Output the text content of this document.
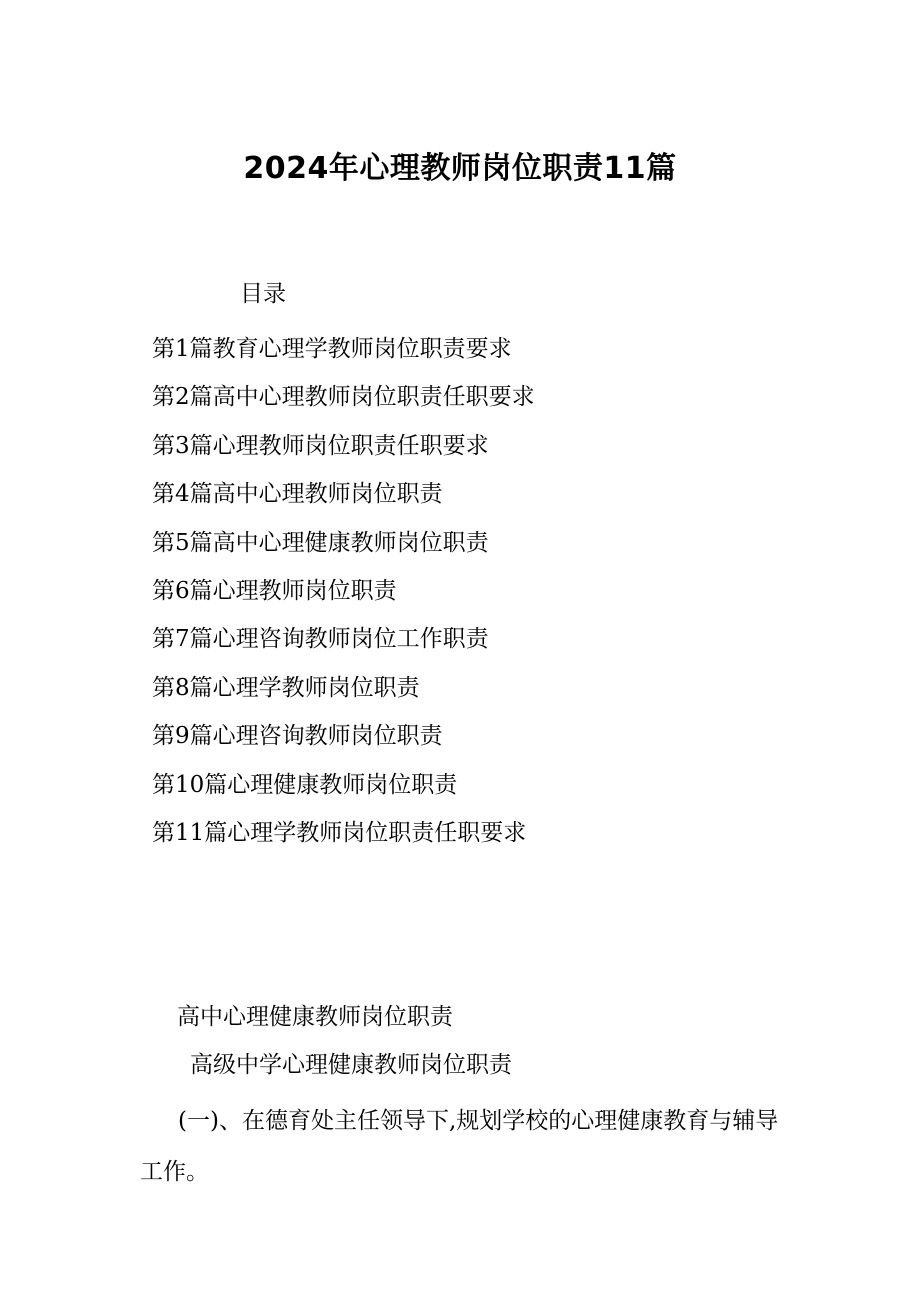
2024年心理教师岗位职责11篇
目录
第1篇教育心理学教师岗位职责要求
第2篇高中心理教师岗位职责任职要求
第3篇心理教师岗位职责任职要求
第4篇高中心理教师岗位职责
第5篇高中心理健康教师岗位职责
第6篇心理教师岗位职责
第7篇心理咨询教师岗位工作职责
第8篇心理学教师岗位职责
第9篇心理咨询教师岗位职责
第10篇心理健康教师岗位职责
第11篇心理学教师岗位职责任职要求
高中心理健康教师岗位职责
高级中学心理健康教师岗位职责

(一)、在德育处主任领导下,规划学校的心理健康教育与辅导工作。
